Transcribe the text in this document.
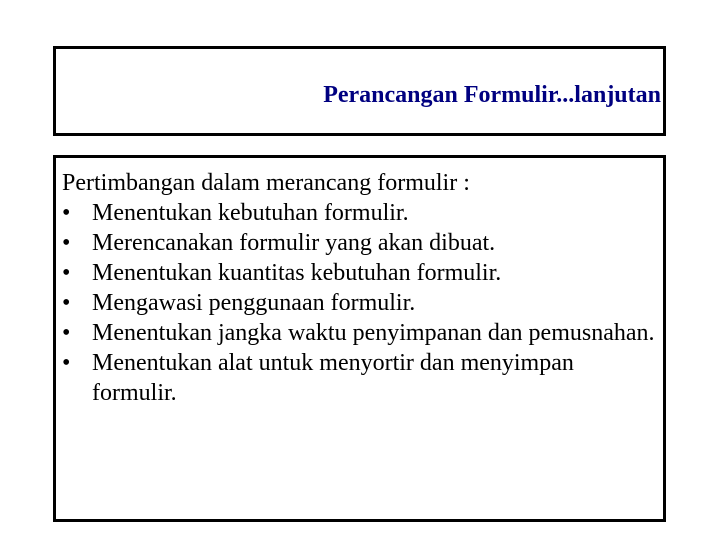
Perancangan Formulir...lanjutan
Pertimbangan dalam merancang formulir :
• Menentukan kebutuhan formulir.
• Merencanakan formulir yang akan dibuat.
• Menentukan kuantitas kebutuhan formulir.
• Mengawasi penggunaan formulir.
• Menentukan jangka waktu penyimpanan dan pemusnahan.
• Menentukan alat untuk menyortir dan menyimpan formulir.
